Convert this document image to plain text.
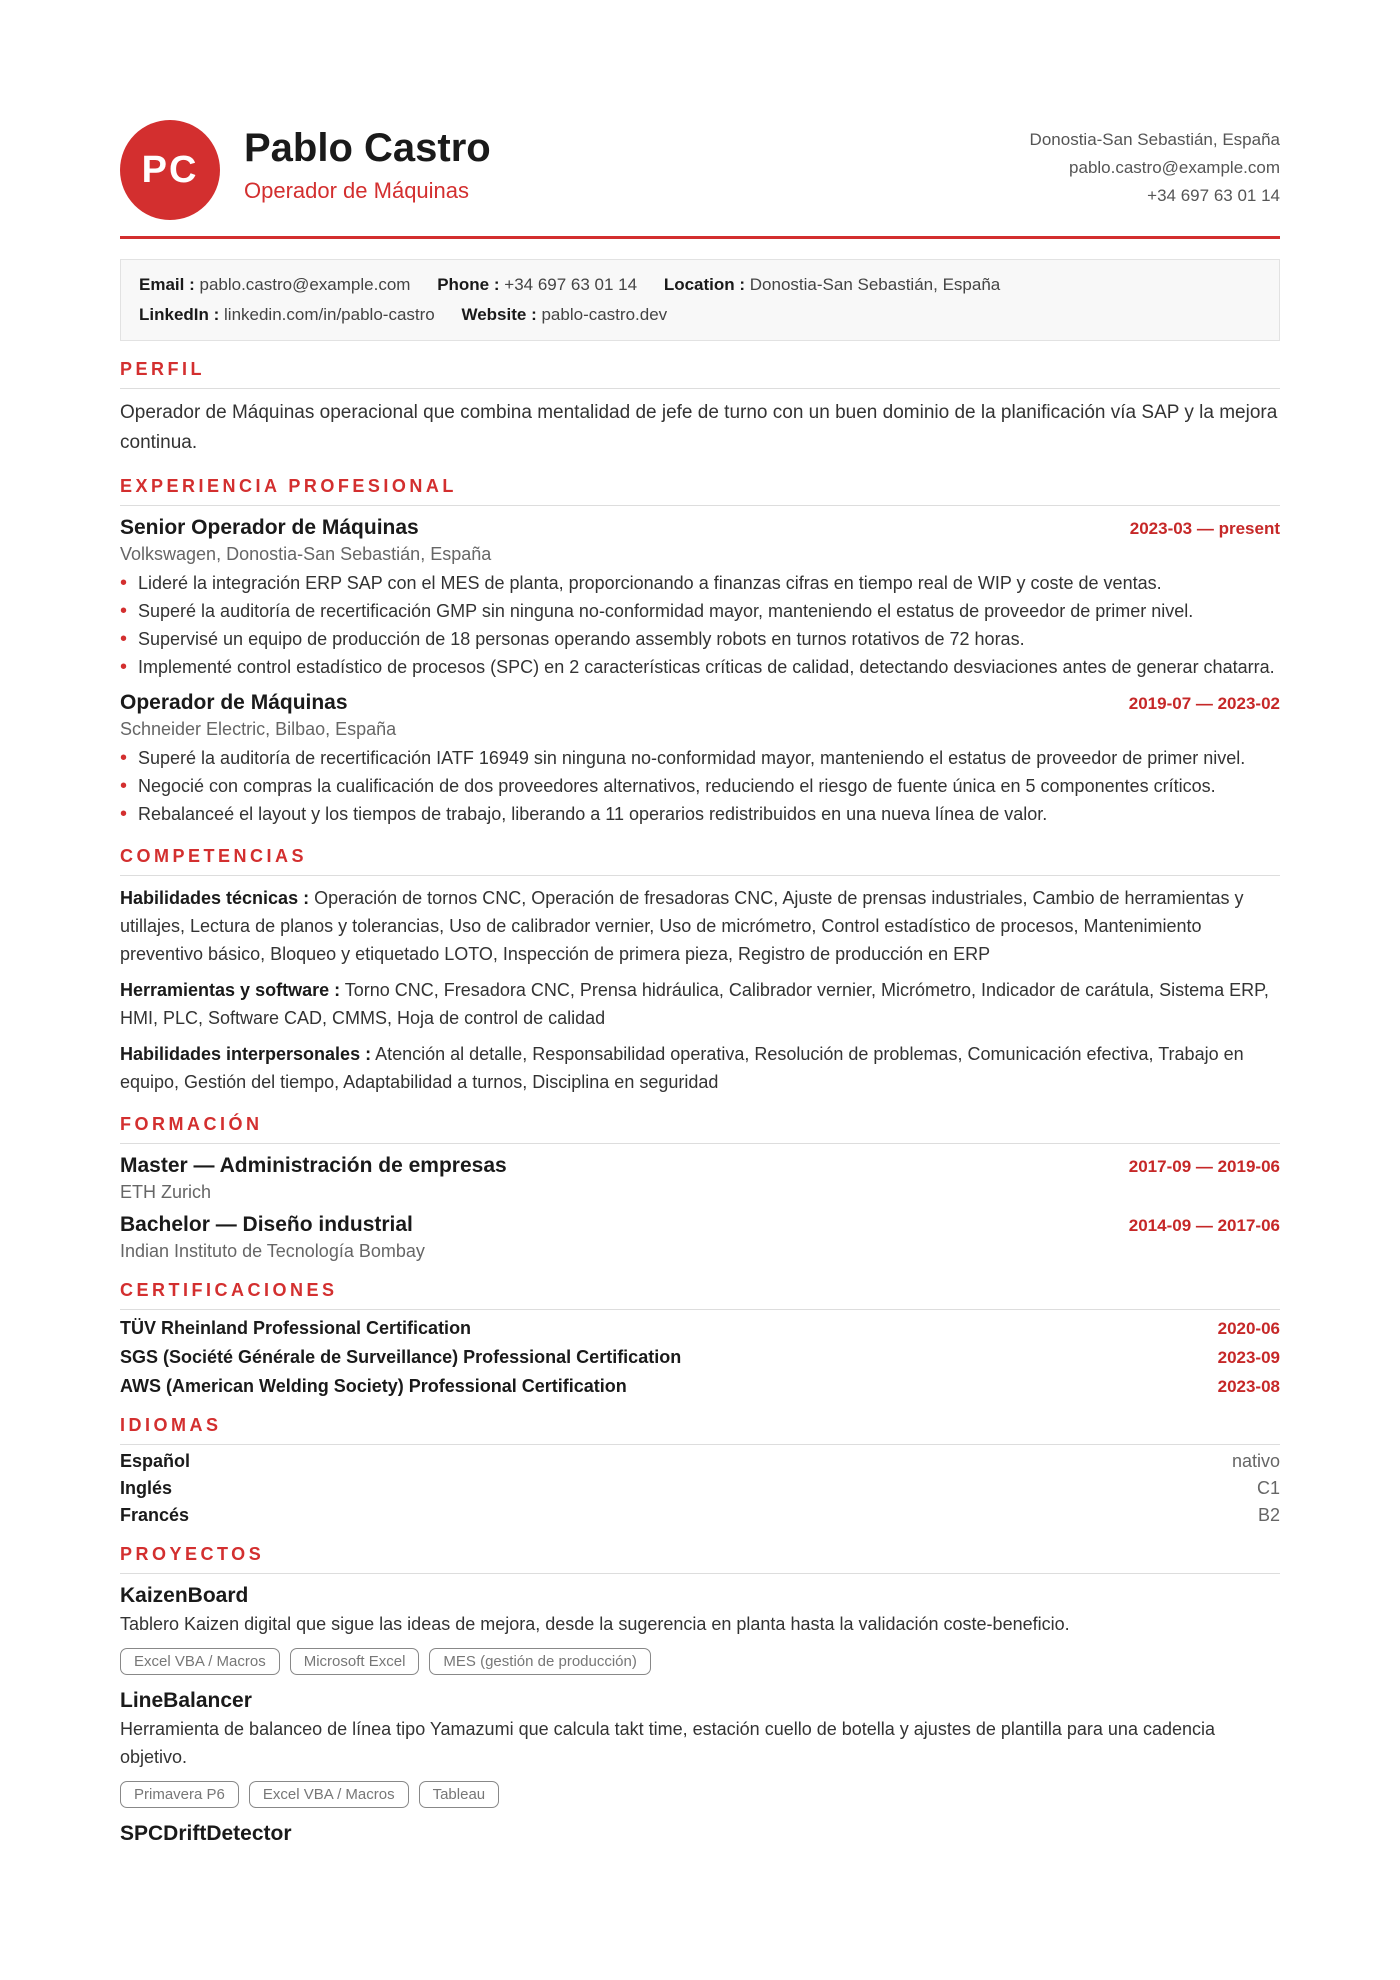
PC	Pablo Castro
Operador de Máquinas
Donostia-San Sebastián, España
pablo.castro@example.com
+34 697 63 01 14
Email : pablo.castro@example.com Phone : +34 697 63 01 14 Location : Donostia-San Sebastián, España
LinkedIn : linkedin.com/in/pablo-castro Website : pablo-castro.dev
PERFIL
Operador de Máquinas operacional que combina mentalidad de jefe de turno con un buen dominio de la planificación vía SAP y la mejora continua.
EXPERIENCIA PROFESIONAL
Senior Operador de Máquinas	2023-03 — present
Volkswagen, Donostia-San Sebastián, España
• Lideré la integración ERP SAP con el MES de planta, proporcionando a finanzas cifras en tiempo real de WIP y coste de ventas.
• Superé la auditoría de recertificación GMP sin ninguna no-conformidad mayor, manteniendo el estatus de proveedor de primer nivel.
• Supervisé un equipo de producción de 18 personas operando assembly robots en turnos rotativos de 72 horas.
• Implementé control estadístico de procesos (SPC) en 2 características críticas de calidad, detectando desviaciones antes de generar chatarra.
Operador de Máquinas	2019-07 — 2023-02
Schneider Electric, Bilbao, España
• Superé la auditoría de recertificación IATF 16949 sin ninguna no-conformidad mayor, manteniendo el estatus de proveedor de primer nivel.
• Negocié con compras la cualificación de dos proveedores alternativos, reduciendo el riesgo de fuente única en 5 componentes críticos.
• Rebalanceé el layout y los tiempos de trabajo, liberando a 11 operarios redistribuidos en una nueva línea de valor.
COMPETENCIAS
Habilidades técnicas : Operación de tornos CNC, Operación de fresadoras CNC, Ajuste de prensas industriales, Cambio de herramientas y utillajes, Lectura de planos y tolerancias, Uso de calibrador vernier, Uso de micrómetro, Control estadístico de procesos, Mantenimiento preventivo básico, Bloqueo y etiquetado LOTO, Inspección de primera pieza, Registro de producción en ERP
Herramientas y software : Torno CNC, Fresadora CNC, Prensa hidráulica, Calibrador vernier, Micrómetro, Indicador de carátula, Sistema ERP, HMI, PLC, Software CAD, CMMS, Hoja de control de calidad
Habilidades interpersonales : Atención al detalle, Responsabilidad operativa, Resolución de problemas, Comunicación efectiva, Trabajo en equipo, Gestión del tiempo, Adaptabilidad a turnos, Disciplina en seguridad
FORMACIÓN
Master — Administración de empresas	2017-09 — 2019-06
ETH Zurich
Bachelor — Diseño industrial	2014-09 — 2017-06
Indian Instituto de Tecnología Bombay
CERTIFICACIONES
TÜV Rheinland Professional Certification	2020-06
SGS (Société Générale de Surveillance) Professional Certification	2023-09
AWS (American Welding Society) Professional Certification	2023-08
IDIOMAS
Español	nativo
Inglés	C1
Francés	B2
PROYECTOS
KaizenBoard
Tablero Kaizen digital que sigue las ideas de mejora, desde la sugerencia en planta hasta la validación coste-beneficio.
Excel VBA / Macros	Microsoft Excel	MES (gestión de producción)
LineBalancer
Herramienta de balanceo de línea tipo Yamazumi que calcula takt time, estación cuello de botella y ajustes de plantilla para una cadencia objetivo.
Primavera P6	Excel VBA / Macros	Tableau
SPCDriftDetector
